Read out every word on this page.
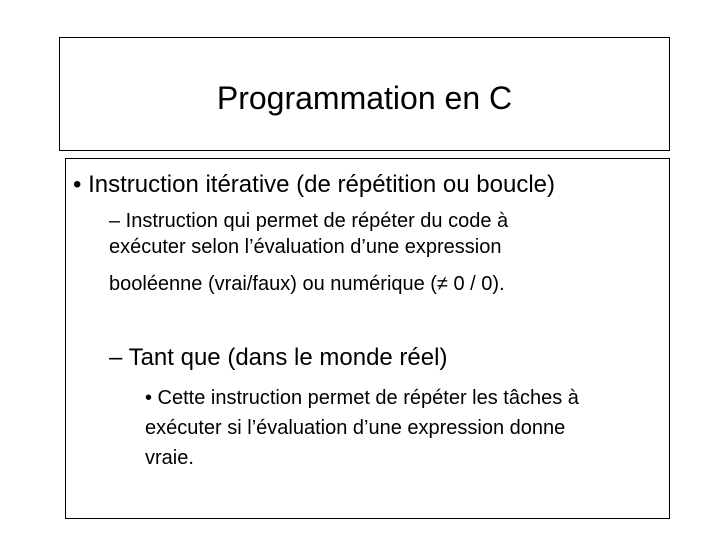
Programmation en C
• Instruction itérative (de répétition ou boucle)
– Instruction qui permet de répéter du code à
exécuter selon l’évaluation d’une expression
booléenne (vrai/faux) ou numérique (≠ 0 / 0).
– Tant que (dans le monde réel)
• Cette instruction permet de répéter les tâches à
exécuter si l’évaluation d’une expression donne
vraie.
